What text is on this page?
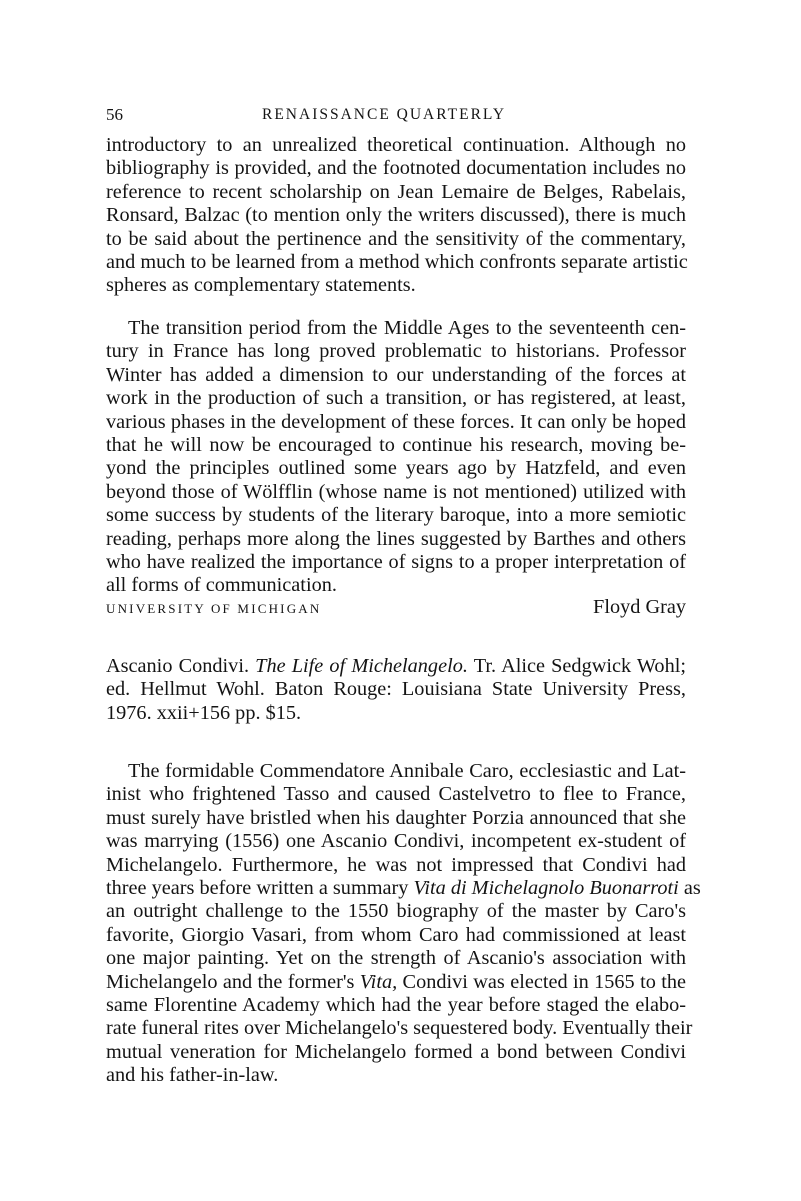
56	RENAISSANCE QUARTERLY
introductory to an unrealized theoretical continuation. Although no
bibliography is provided, and the footnoted documentation includes no
reference to recent scholarship on Jean Lemaire de Belges, Rabelais,
Ronsard, Balzac (to mention only the writers discussed), there is much
to be said about the pertinence and the sensitivity of the commentary,
and much to be learned from a method which confronts separate artistic
spheres as complementary statements.
The transition period from the Middle Ages to the seventeenth cen-
tury in France has long proved problematic to historians. Professor
Winter has added a dimension to our understanding of the forces at
work in the production of such a transition, or has registered, at least,
various phases in the development of these forces. It can only be hoped
that he will now be encouraged to continue his research, moving be-
yond the principles outlined some years ago by Hatzfeld, and even
beyond those of Wölfflin (whose name is not mentioned) utilized with
some success by students of the literary baroque, into a more semiotic
reading, perhaps more along the lines suggested by Barthes and others
who have realized the importance of signs to a proper interpretation of
all forms of communication.
UNIVERSITY OF MICHIGAN	Floyd Gray
Ascanio Condivi. The Life of Michelangelo. Tr. Alice Sedgwick Wohl;
ed. Hellmut Wohl. Baton Rouge: Louisiana State University Press,
1976. xxii+156 pp. $15.
The formidable Commendatore Annibale Caro, ecclesiastic and Lat-
inist who frightened Tasso and caused Castelvetro to flee to France,
must surely have bristled when his daughter Porzia announced that she
was marrying (1556) one Ascanio Condivi, incompetent ex-student of
Michelangelo. Furthermore, he was not impressed that Condivi had
three years before written a summary Vita di Michelagnolo Buonarroti as
an outright challenge to the 1550 biography of the master by Caro's
favorite, Giorgio Vasari, from whom Caro had commissioned at least
one major painting. Yet on the strength of Ascanio's association with
Michelangelo and the former's Vita, Condivi was elected in 1565 to the
same Florentine Academy which had the year before staged the elabo-
rate funeral rites over Michelangelo's sequestered body. Eventually their
mutual veneration for Michelangelo formed a bond between Condivi
and his father-in-law.
